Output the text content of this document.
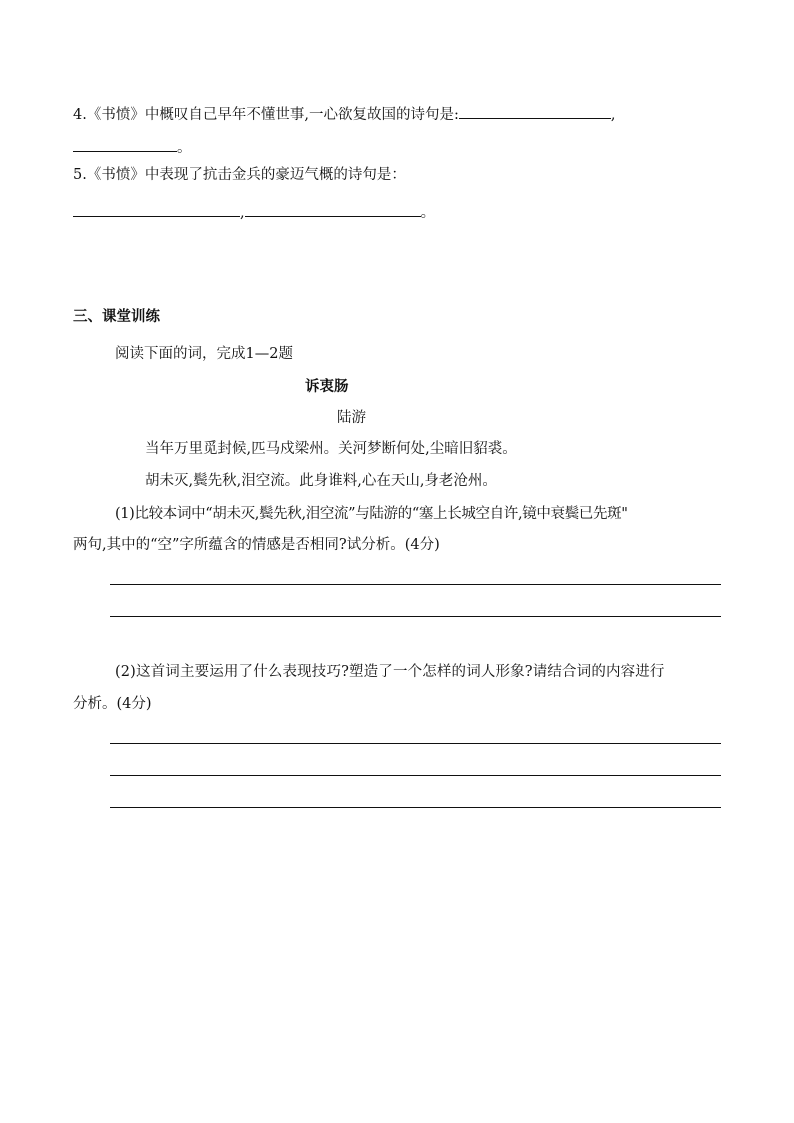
4.《书愤》中概叹自己早年不懂世事,一心欲复故国的诗句是:	,
。
5.《书愤》中表现了抗击金兵的豪迈气概的诗句是：
,	。
三、课堂训练
阅读下面的词，完成1—2题
诉衷肠
陆游
当年万里觅封候,匹马戍梁州。关河梦断何处,尘暗旧貂裘。
胡未灭,鬓先秋,泪空流。此身谁料,心在天山,身老沧州。
(1)比较本词中“胡未灭,鬓先秋,泪空流”与陆游的“塞上长城空自许,镜中衰鬓已先斑"
两句,其中的“空”字所蕴含的情感是否相同?试分析。(4分)
(2)这首词主要运用了什么表现技巧?塑造了一个怎样的词人形象?请结合词的内容进行
分析。(4分)
